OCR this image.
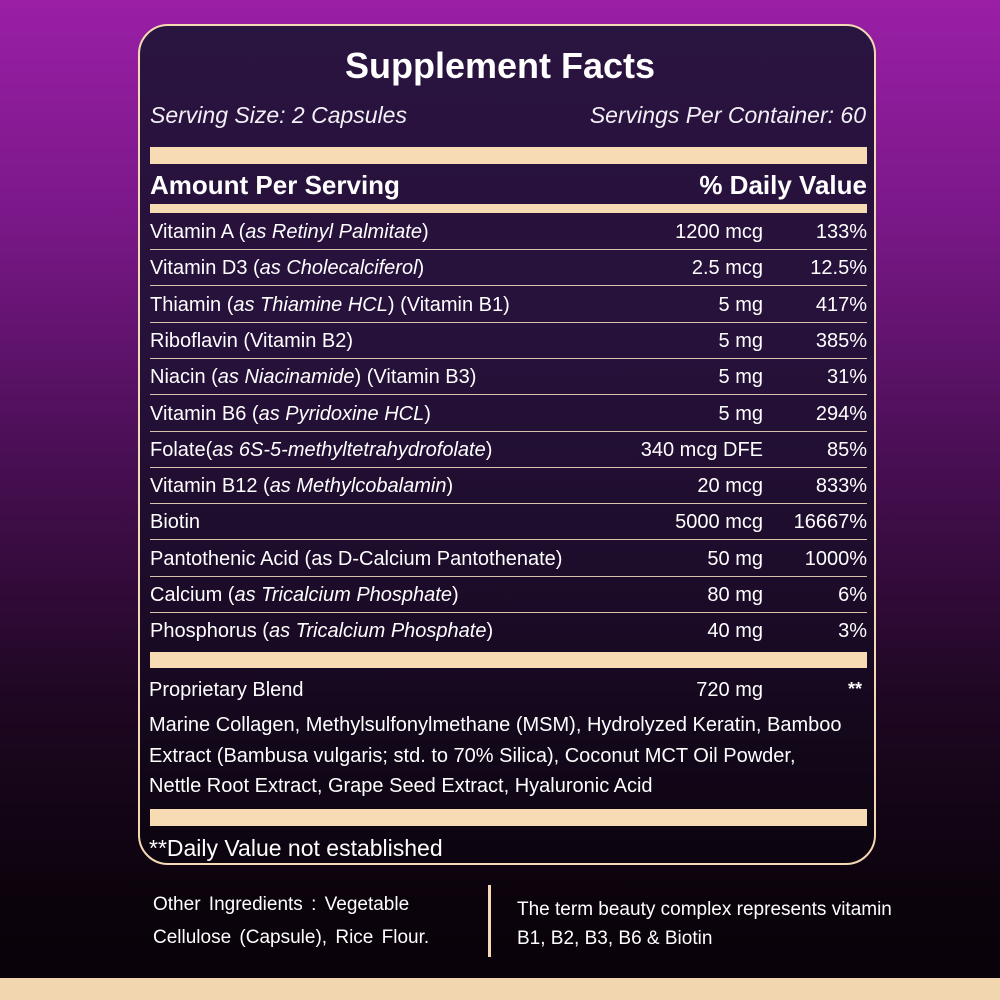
Supplement Facts
Serving Size: 2 Capsules	Servings Per Container: 60
Amount Per Serving	% Daily Value
Vitamin A (as Retinyl Palmitate)	1200 mcg	133%
Vitamin D3 (as Cholecalciferol)	2.5 mcg 12.5%
Thiamin (as Thiamine HCL) (Vitamin B1)	5 mg	417%
Riboflavin (Vitamin B2)	5 mg	385%
Niacin (as Niacinamide) (Vitamin B3)	5 mg	31%
Vitamin B6 (as Pyridoxine HCL)	5 mg	294%
Folate(as 6S-5-methyltetrahydrofolate)	340 mcg DFE	85%
Vitamin B12 (as Methylcobalamin)	20 mcg	833%
Biotin	5000 mcg 16667%
Pantothenic Acid (as D-Calcium Pantothenate)	50 mg 1000%
Calcium (as Tricalcium Phosphate)	80 mg	6%
Phosphorus (as Tricalcium Phosphate)	40 mg	3%
Proprietary Blend	720 mg	**
Marine Collagen, Methylsulfonylmethane (MSM), Hydrolyzed Keratin, Bamboo Extract (Bambusa vulgaris; std. to 70% Silica), Coconut MCT Oil Powder, Nettle Root Extract, Grape Seed Extract, Hyaluronic Acid
**Daily Value not established
Other Ingredients : Vegetable Cellulose (Capsule), Rice Flour.
The term beauty complex represents vitamin B1, B2, B3, B6 & Biotin
